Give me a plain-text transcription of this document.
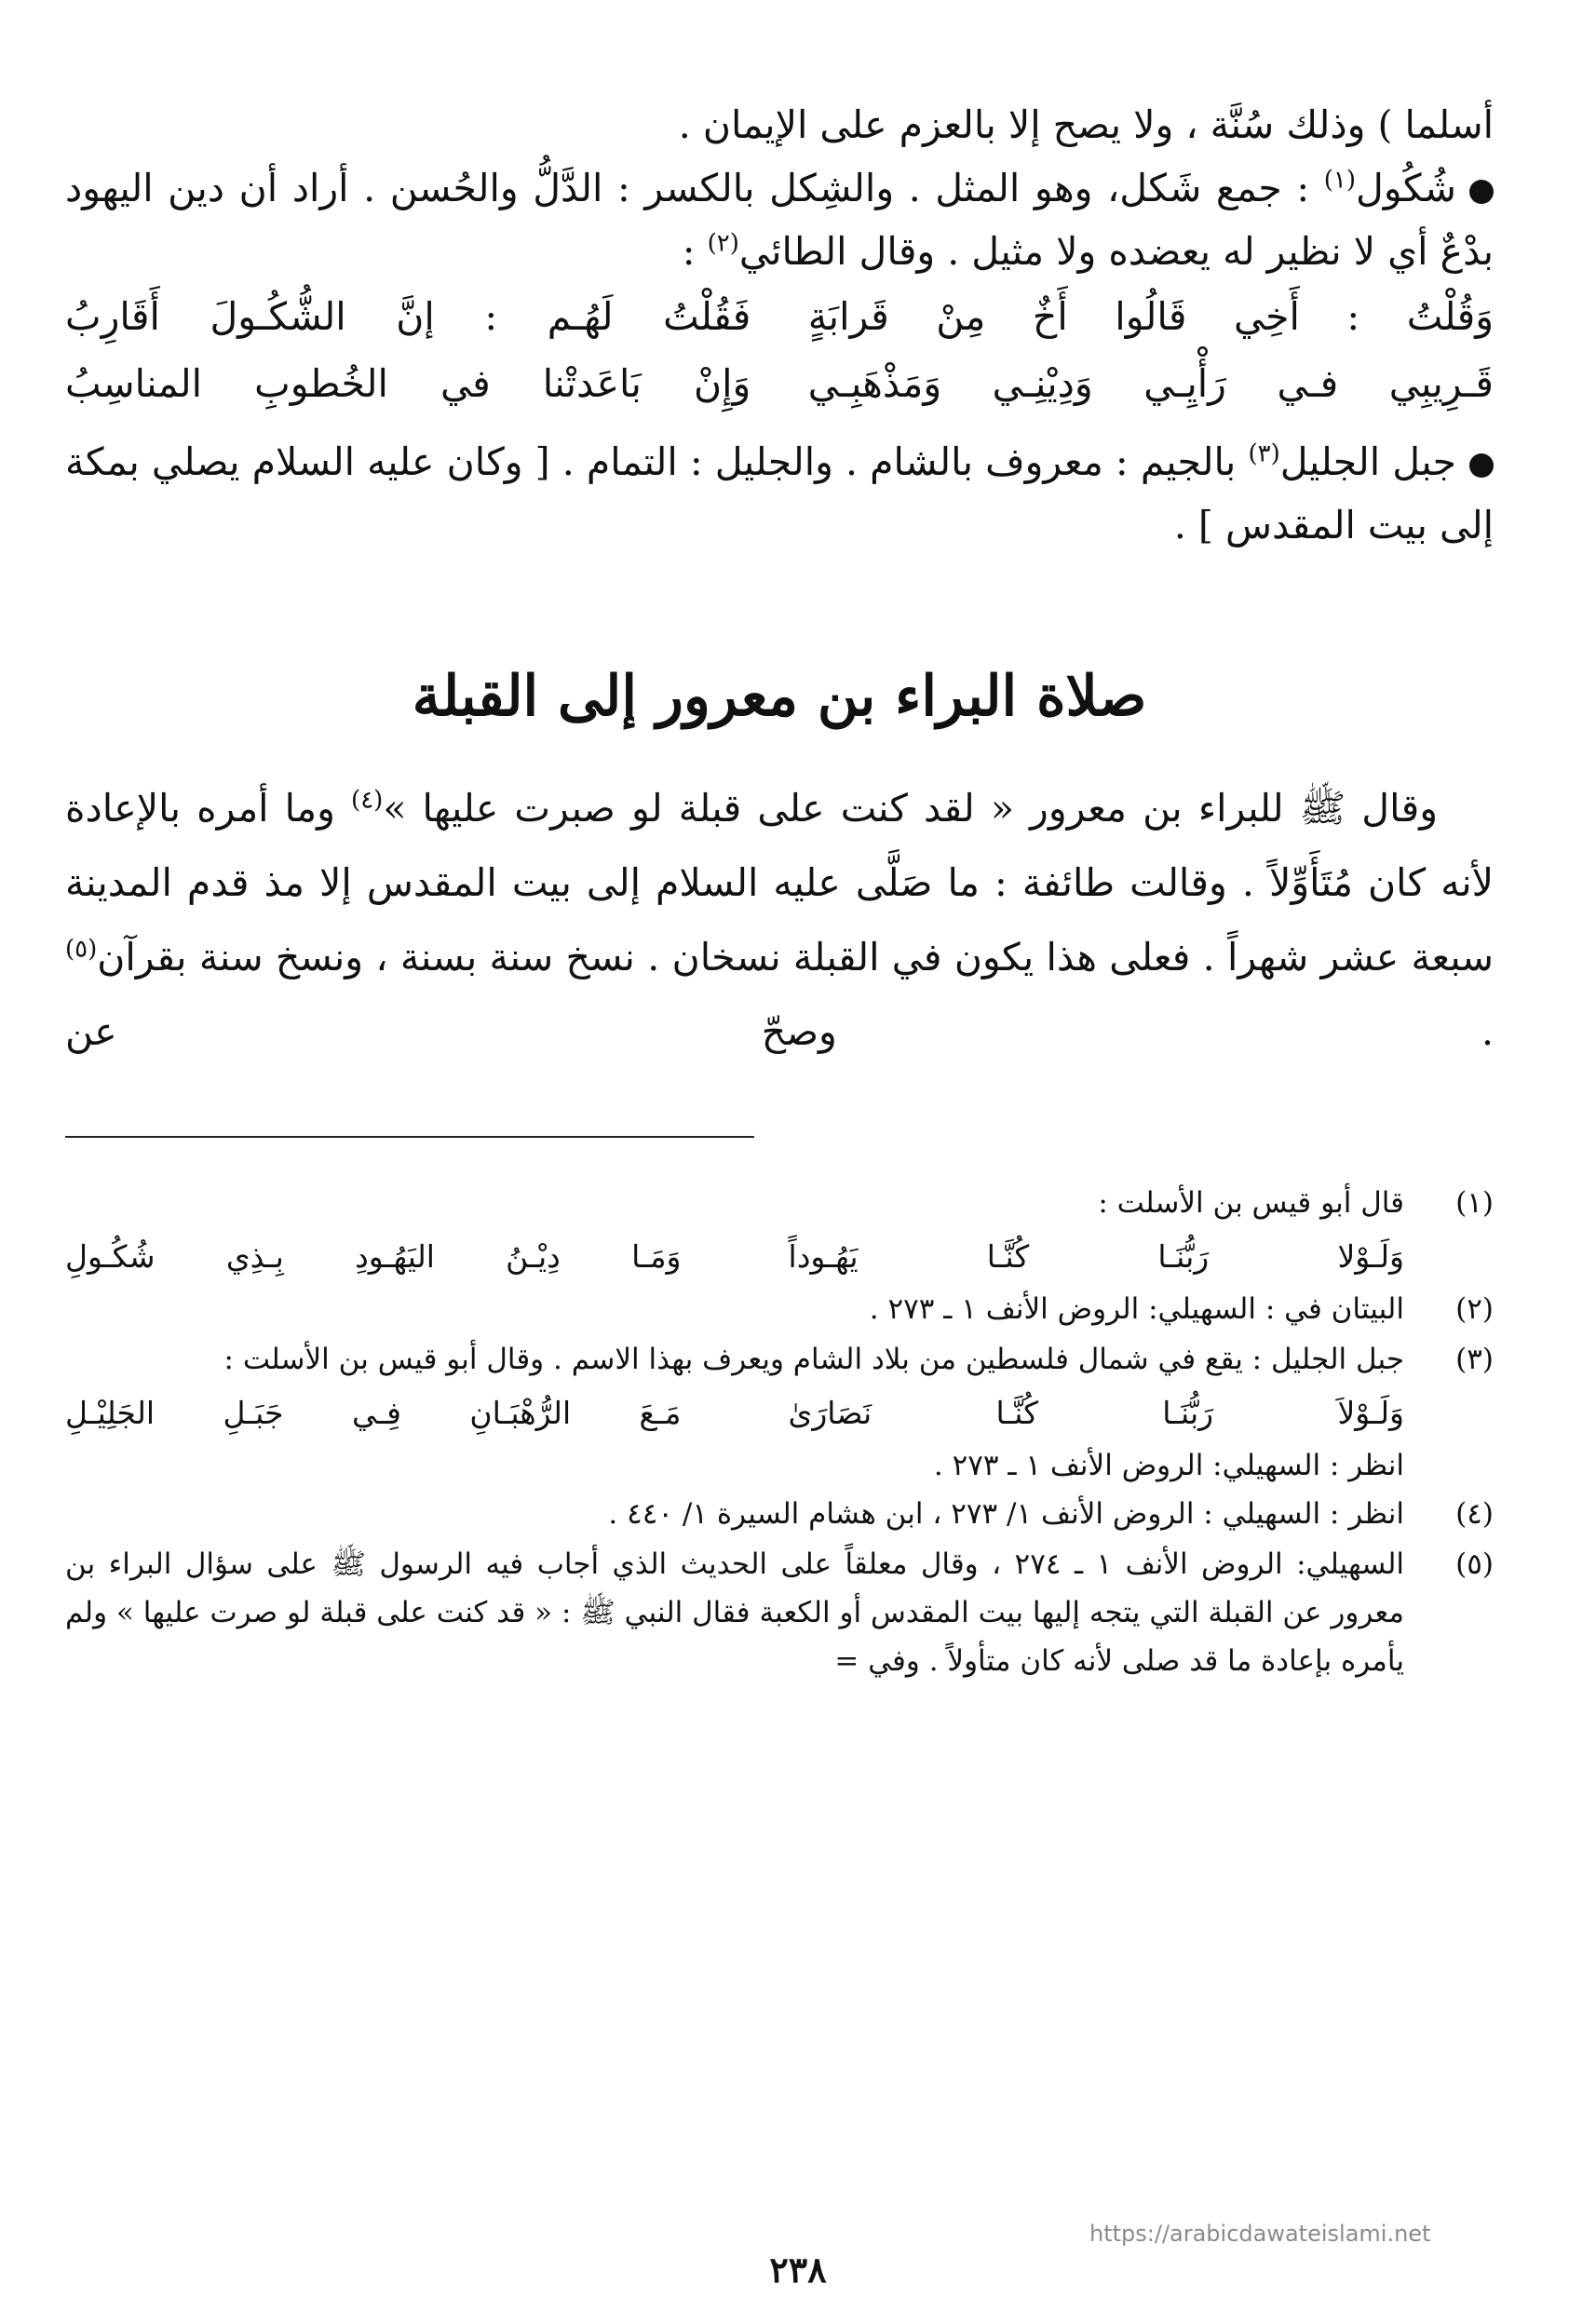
أسلما ) وذلك سُنَّة ، ولا يصح إلا بالعزم على الإيمان .

شُكُول$^{(١)}$ : جمع شَكل، وهو المثل . والشِكل بالكسر : الدَّلُّ والحُسن . أراد أن دين اليهود بدْعٌ أي لا نظير له يعضده ولا مثيل . وقال الطائي$^{(٢)}$ :

وَقُلْتُ : أَخِي قَالُوا أَخٌ مِنْ قَرابَةٍ
فَقُلْتُ لَهُـم : إنَّ الشُّكُـولَ أَقَارِبُ
قَـرِيبِي فـي رَأْيِـي وَدِيْنِـي وَمَذْهَبِـي
وَإِنْ بَاعَدتْنا في الخُطوبِ المناسِبُ

جبل الجليل$^{(٣)}$ بالجيم : معروف بالشام . والجليل : التمام . [ وكان عليه السلام يصلي بمكة إلى بيت المقدس ] .

صلاة البراء بن معرور إلى القبلة

وقال ﷺ للبراء بن معرور « لقد كنت على قبلة لو صبرت عليها »$^{(٤)}$ وما أمره بالإعادة لأنه كان مُتَأَوِّلاً . وقالت طائفة : ما صَلَّى عليه السلام إلى بيت المقدس إلا مذ قدم المدينة سبعة عشر شهراً . فعلى هذا يكون في القبلة نسخان . نسخ سنة بسنة ، ونسخ سنة بقرآن$^{(٥)}$ . وصحّ عن

(١)
قال أبو قيس بن الأسلت :
وَلَـوْلا رَبُّنَـا كُنَّـا يَهُـوداً
وَمَـا دِيْـنُ اليَهُـودِ بِـذِي شُكُـولِ
(٢)
البيتان في : السهيلي: الروض الأنف ١ ـ ٢٧٣ .
(٣)
جبل الجليل : يقع في شمال فلسطين من بلاد الشام ويعرف بهذا الاسم . وقال أبو قيس بن الأسلت :
وَلَـوْلاَ رَبُّنَـا كُنَّـا نَصَارَىٰ
مَـعَ الرُّهْبَـانِ فِـي جَبَـلِ الجَلِيْـلِ
انظر : السهيلي: الروض الأنف ١ ـ ٢٧٣ .
(٤)
انظر : السهيلي : الروض الأنف ١/ ٢٧٣ ، ابن هشام السيرة ١/ ٤٤٠ .
(٥)
السهيلي: الروض الأنف ١ ـ ٢٧٤ ، وقال معلقاً على الحديث الذي أجاب فيه الرسول ﷺ على سؤال البراء بن معرور عن القبلة التي يتجه إليها بيت المقدس أو الكعبة فقال النبي ﷺ : « قد كنت على قبلة لو صرت عليها » ولم يأمره بإعادة ما قد صلى لأنه كان متأولاً . وفي =
https://arabicdawateislami.net
٢٣٨
